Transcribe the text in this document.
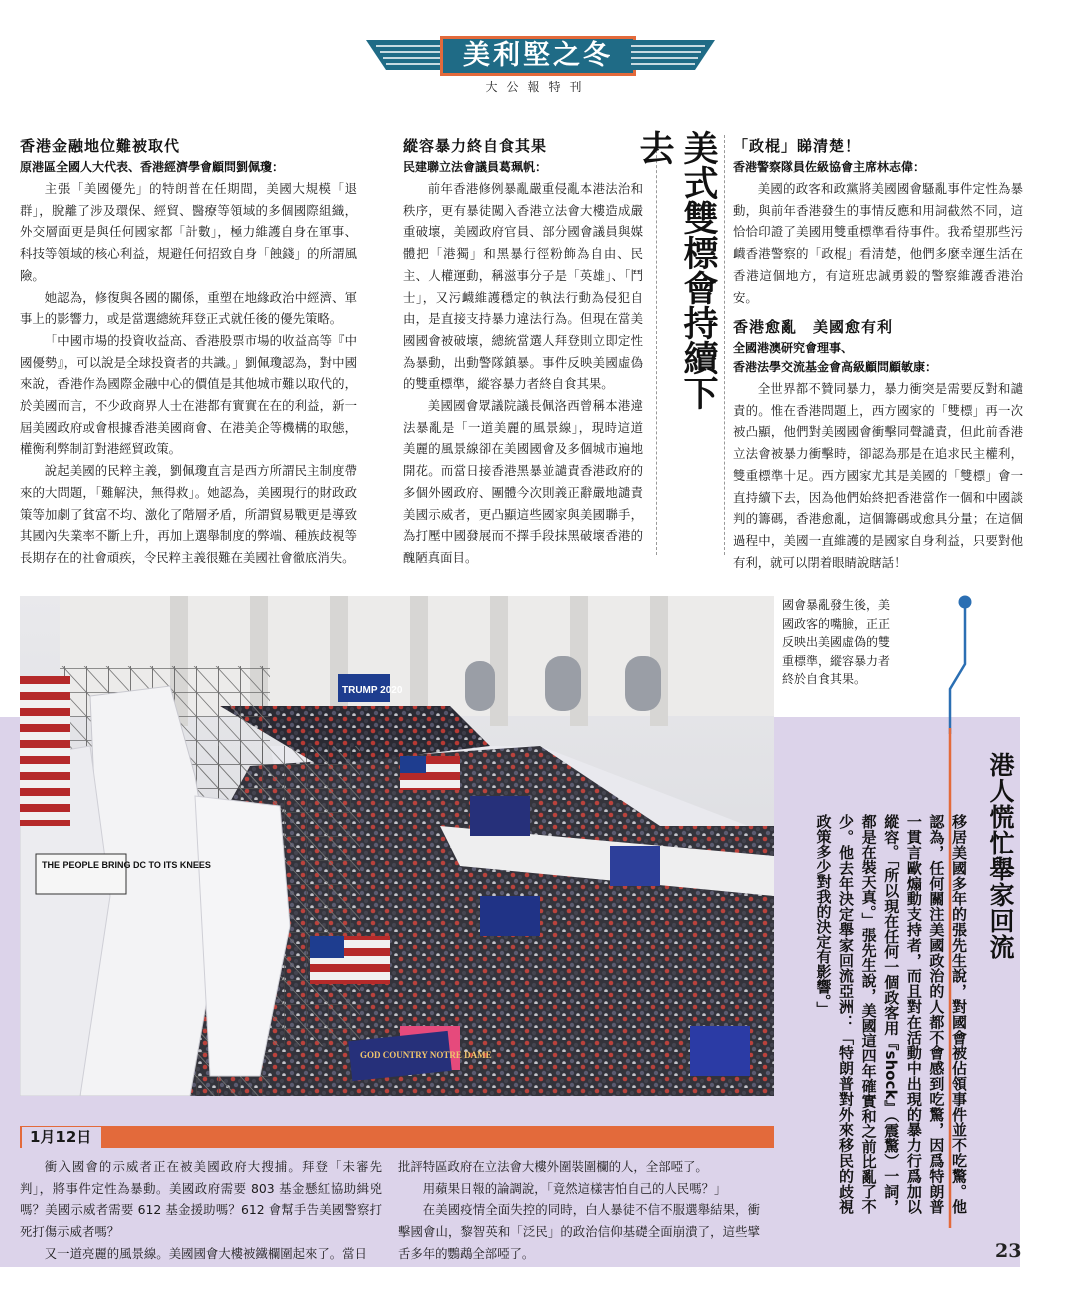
美利堅之冬
大公報特刊
香港金融地位難被取代
原港區全國人大代表、香港經濟學會顧問劉佩瓊：

主張「美國優先」的特朗普在任期間，美國大規模「退群」，脫離了涉及環保、經貿、醫療等領域的多個國際組織，外交層面更是與任何國家都「計數」，極力維護自身在軍事、科技等領域的核心利益，規避任何招致自身「蝕錢」的所謂風險。

她認為，修復與各國的關係，重塑在地緣政治中經濟、軍事上的影響力，或是當選總統拜登正式就任後的優先策略。

「中國市場的投資收益高、香港股票市場的收益高等『中國優勢』，可以說是全球投資者的共識。」劉佩瓊認為，對中國來說，香港作為國際金融中心的價值是其他城市難以取代的，於美國而言，不少政商界人士在港都有實實在在的利益，新一屆美國政府或會根據香港美國商會、在港美企等機構的取態，權衡利弊制訂對港經貿政策。

說起美國的民粹主義，劉佩瓊直言是西方所謂民主制度帶來的大問題，「難解決，無得救」。她認為，美國現行的財政政策等加劇了貧富不均、激化了階層矛盾，所謂貿易戰更是導致其國內失業率不斷上升，再加上選舉制度的弊端、種族歧視等長期存在的社會頑疾，令民粹主義很難在美國社會徹底消失。

縱容暴力終自食其果
民建聯立法會議員葛珮帆：

前年香港修例暴亂嚴重侵亂本港法治和秩序，更有暴徒闖入香港立法會大樓造成嚴重破壞，美國政府官員、部分國會議員與媒體把「港獨」和黑暴行徑粉飾為自由、民主、人權運動，稱滋事分子是「英雄」、「鬥士」，又污衊維護穩定的執法行動為侵犯自由，是直接支持暴力違法行為。但現在當美國國會被破壞，總統當選人拜登則立即定性為暴動，出動警隊鎮暴。事件反映美國虛偽的雙重標準，縱容暴力者終自食其果。

美國國會眾議院議長佩洛西曾稱本港違法暴亂是「一道美麗的風景線」，現時這道美麗的風景線卻在美國國會及多個城市遍地開花。而當日接香港黑暴並譴責香港政府的多個外國政府、團體今次則義正辭嚴地譴責美國示威者，更凸顯這些國家與美國聯手，為打壓中國發展而不擇手段抹黑破壞香港的醜陋真面目。

美式雙標會持續下去	「政棍」睇清楚！
香港警察隊員佐級協會主席林志偉：

美國的政客和政黨將美國國會騷亂事件定性為暴動，與前年香港發生的事情反應和用詞截然不同，這恰恰印證了美國用雙重標準看待事件。我希望那些污衊香港警察的「政棍」看清楚，他們多麼幸運生活在香港這個地方，有這班忠誠勇毅的警察維護香港治安。

香港愈亂　美國愈有利
全國港澳研究會理事、
香港法學交流基金會高級顧問顧敏康：

全世界都不贊同暴力，暴力衝突是需要反對和譴責的。惟在香港問題上，西方國家的「雙標」再一次被凸顯，他們對美國國會衝擊同聲譴責，但此前香港立法會被暴力衝擊時，卻認為那是在追求民主權利，雙重標準十足。西方國家尤其是美國的「雙標」會一直持續下去，因為他們始終把香港當作一個和中國談判的籌碼，香港愈亂，這個籌碼或愈具分量；在這個過程中，美國一直維護的是國家自身利益，只要對他有利，就可以閉着眼睛說瞎話！

THE PEOPLE BRING DC TO ITS KNEES
TRUMP 2020
GOD COUNTRY NOTRE DAME
國會暴亂發生後，美國政客的嘴臉，正正反映出美國虛偽的雙重標準，縱容暴力者終於自食其果。
港人慌忙舉家回流
移居美國多年的張先生說，對國會被佔領事件並不吃驚。他認為，任何關注美國政治的人都不會感到吃驚，因爲特朗普一貫言歐煽動支持者，而且對在活動中出現的暴力行爲加以縱容。「所以現在任何一個政客用『shock』（震驚）一詞，都是在裝天真。」張先生說，美國這四年確實和之前比亂了不少。他去年決定舉家回流亞洲：「特朗普對外來移民的歧視政策多少對我的決定有影響。」
1月12日

衝入國會的示威者正在被美國政府大搜捕。拜登「未審先判」，將事件定性為暴動。美國政府需要 803 基金懸紅協助緝兇嗎？美國示威者需要 612 基金援助嗎？612 會幫手告美國警察打死打傷示威者嗎？

又一道亮麗的風景線。美國國會大樓被鐵欄圍起來了。當日

批評特區政府在立法會大樓外圍裝圍欄的人，全部啞了。

用蘋果日報的論調說，「竟然這樣害怕自己的人民嗎？」

在美國疫情全面失控的同時，白人暴徒不信不服選舉結果，衝擊國會山，黎智英和「泛民」的政治信仰基礎全面崩潰了，這些擘舌多年的鸚鵡全部啞了。	23
